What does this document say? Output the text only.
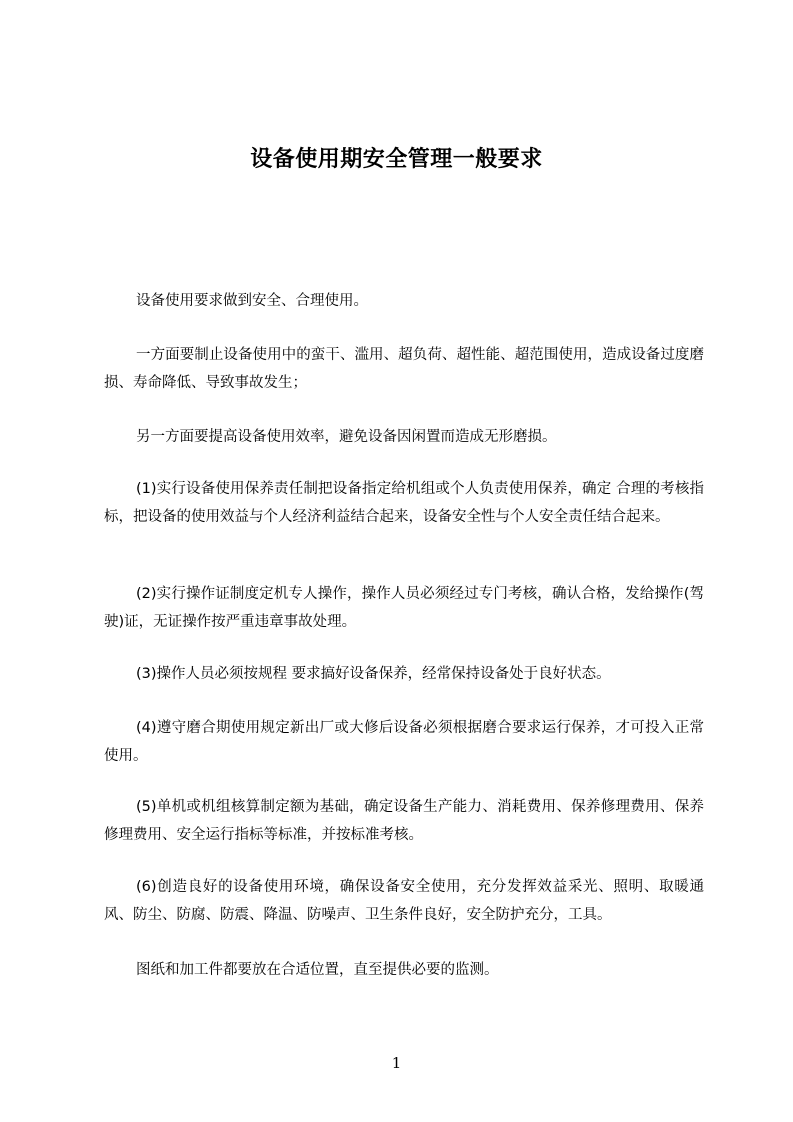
设备使用期安全管理一般要求
设备使用要求做到安全、合理使用。
一方面要制止设备使用中的蛮干、滥用、超负荷、超性能、超范围使用，造成设备过度磨损、寿命降低、导致事故发生；
另一方面要提高设备使用效率，避免设备因闲置而造成无形磨损。
(1)实行设备使用保养责任制把设备指定给机组或个人负责使用保养，确定 合理的考核指标，把设备的使用效益与个人经济利益结合起来，设备安全性与个人安全责任结合起来。
(2)实行操作证制度定机专人操作，操作人员必须经过专门考核，确认合格，发给操作(驾驶)证，无证操作按严重违章事故处理。
(3)操作人员必须按规程 要求搞好设备保养，经常保持设备处于良好状态。
(4)遵守磨合期使用规定新出厂或大修后设备必须根据磨合要求运行保养，才可投入正常使用。
(5)单机或机组核算制定额为基础，确定设备生产能力、消耗费用、保养修理费用、保养修理费用、安全运行指标等标准，并按标准考核。
(6)创造良好的设备使用环境，确保设备安全使用，充分发挥效益采光、照明、取暖通风、防尘、防腐、防震、降温、防噪声、卫生条件良好，安全防护充分，工具。
图纸和加工件都要放在合适位置，直至提供必要的监测。
1
